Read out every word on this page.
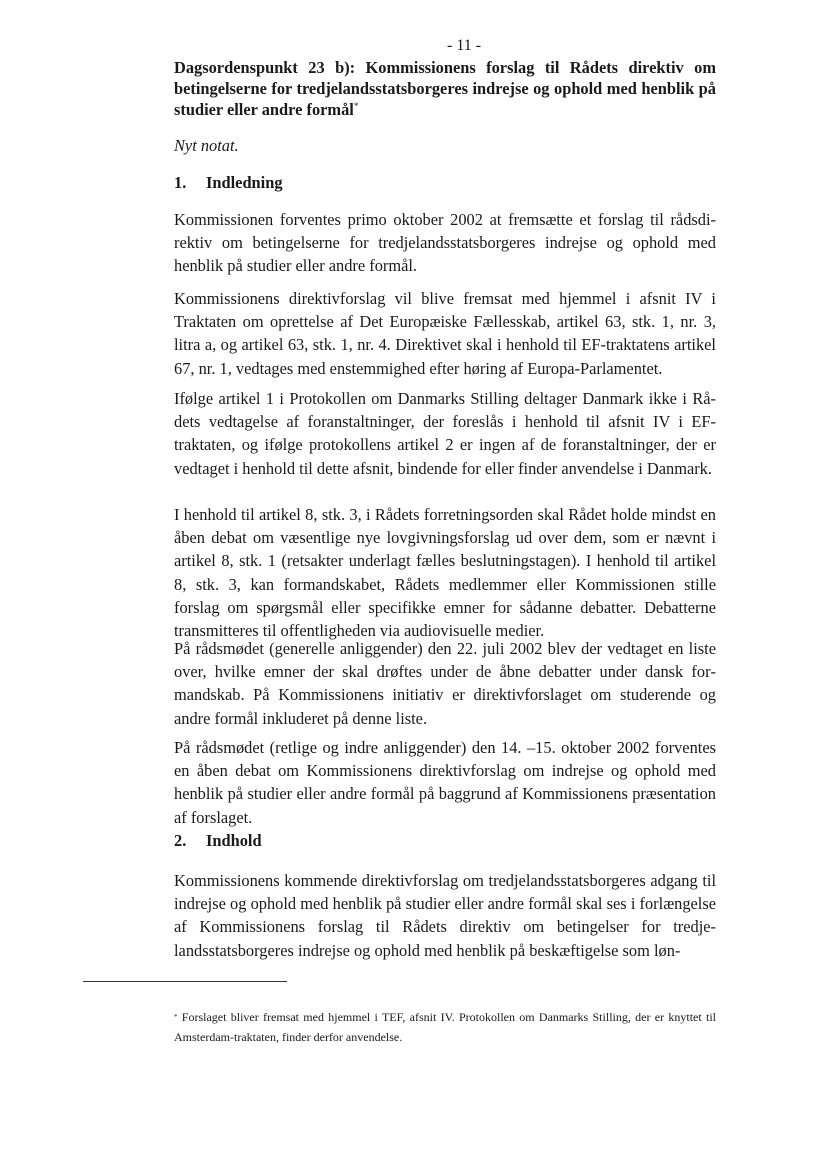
- 11 -
Dagsordenspunkt 23 b): Kommissionens forslag til Rådets direktiv om betingelserne for tredjelandsstatsborgeres indrejse og ophold med henblik på studier eller andre formål*
Nyt notat.
1. Indledning
Kommissionen forventes primo oktober 2002 at fremsætte et forslag til rådsdirektiv om betingelserne for tredjelandsstatsborgeres indrejse og ophold med henblik på studier eller andre formål.
Kommissionens direktivforslag vil blive fremsat med hjemmel i afsnit IV i Traktaten om oprettelse af Det Europæiske Fællesskab, artikel 63, stk. 1, nr. 3, litra a, og artikel 63, stk. 1, nr. 4. Direktivet skal i henhold til EF-traktatens artikel 67, nr. 1, vedtages med enstemmighed efter høring af Europa-Parlamentet.
Ifølge artikel 1 i Protokollen om Danmarks Stilling deltager Danmark ikke i Rådets vedtagelse af foranstaltninger, der foreslås i henhold til afsnit IV i EF-traktaten, og ifølge protokollens artikel 2 er ingen af de foranstaltninger, der er vedtaget i henhold til dette afsnit, bindende for eller finder anvendelse i Danmark.
I henhold til artikel 8, stk. 3, i Rådets forretningsorden skal Rådet holde mindst en åben debat om væsentlige nye lovgivningsforslag ud over dem, som er nævnt i artikel 8, stk. 1 (retsakter underlagt fælles beslutningstagen). I henhold til artikel 8, stk. 3, kan formandskabet, Rådets medlemmer eller Kommissionen stille forslag om spørgsmål eller specifikke emner for sådanne debatter. Debatterne transmitteres til offentligheden via audiovisuelle medier.
På rådsmødet (generelle anliggender) den 22. juli 2002 blev der vedtaget en liste over, hvilke emner der skal drøftes under de åbne debatter under dansk formandskab. På Kommissionens initiativ er direktivforslaget om studerende og andre formål inkluderet på denne liste.
På rådsmødet (retlige og indre anliggender) den 14. –15. oktober 2002 forventes en åben debat om Kommissionens direktivforslag om indrejse og ophold med henblik på studier eller andre formål på baggrund af Kommissionens præsentation af forslaget.
2. Indhold
Kommissionens kommende direktivforslag om tredjelandsstatsborgeres adgang til indrejse og ophold med henblik på studier eller andre formål skal ses i forlængelse af Kommissionens forslag til Rådets direktiv om betingelser for tredjelandsstatsborgeres indrejse og ophold med henblik på beskæftigelse som løn-
* Forslaget bliver fremsat med hjemmel i TEF, afsnit IV. Protokollen om Danmarks Stilling, der er knyttet til Amsterdam-traktaten, finder derfor anvendelse.
